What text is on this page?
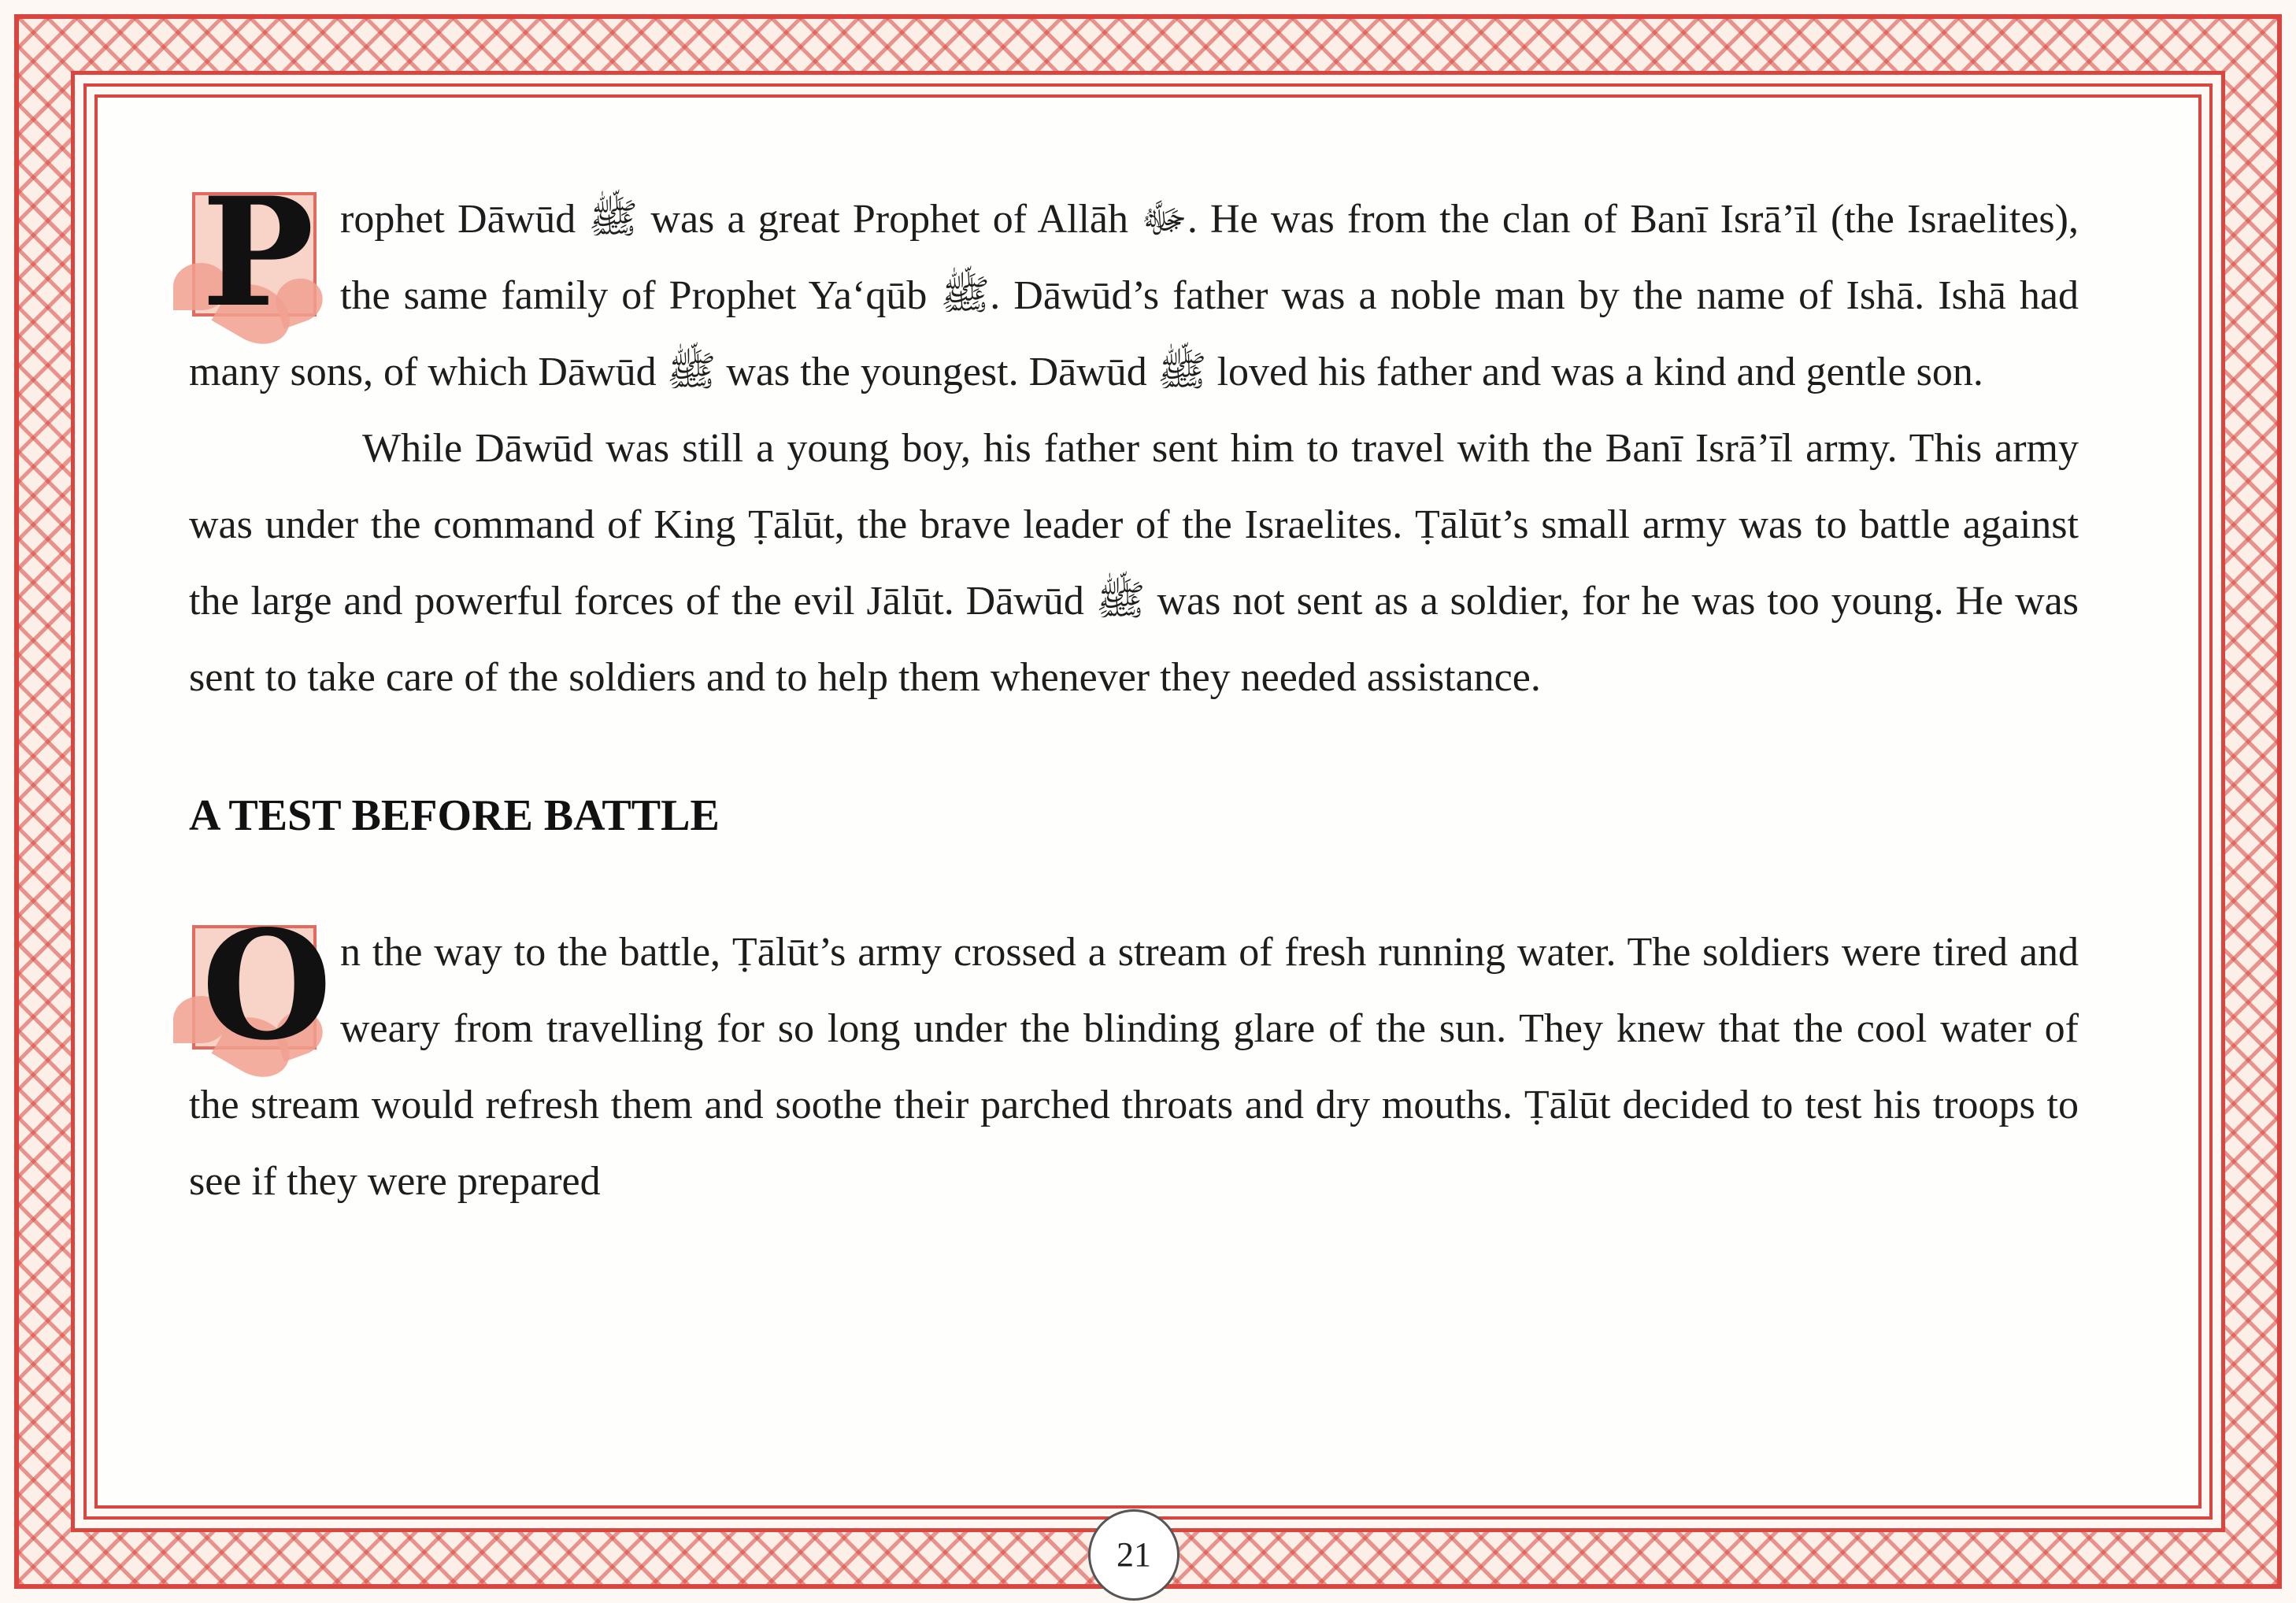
P rophet Dāwūd ﷺ was a great Prophet of Allāh ﷻ. He was from the clan of Banī Isrā’īl (the Israelites), the same family of Prophet Ya‘qūb ﷺ. Dāwūd’s father was a noble man by the name of Ishā. Ishā had many sons, of which Dāwūd ﷺ was the youngest. Dāwūd ﷺ loved his father and was a kind and gentle son.

While Dāwūd was still a young boy, his father sent him to travel with the Banī Isrā’īl army. This army was under the command of King Ṭālūt, the brave leader of the Israelites. Ṭālūt’s small army was to battle against the large and powerful forces of the evil Jālūt. Dāwūd ﷺ was not sent as a soldier, for he was too young. He was sent to take care of the soldiers and to help them whenever they needed assistance.

A TEST BEFORE BATTLE

O n the way to the battle, Ṭālūt’s army crossed a stream of fresh running water. The soldiers were tired and weary from travelling for so long under the blinding glare of the sun. They knew that the cool water of the stream would refresh them and soothe their parched throats and dry mouths. Ṭālūt decided to test his troops to see if they were prepared

21
